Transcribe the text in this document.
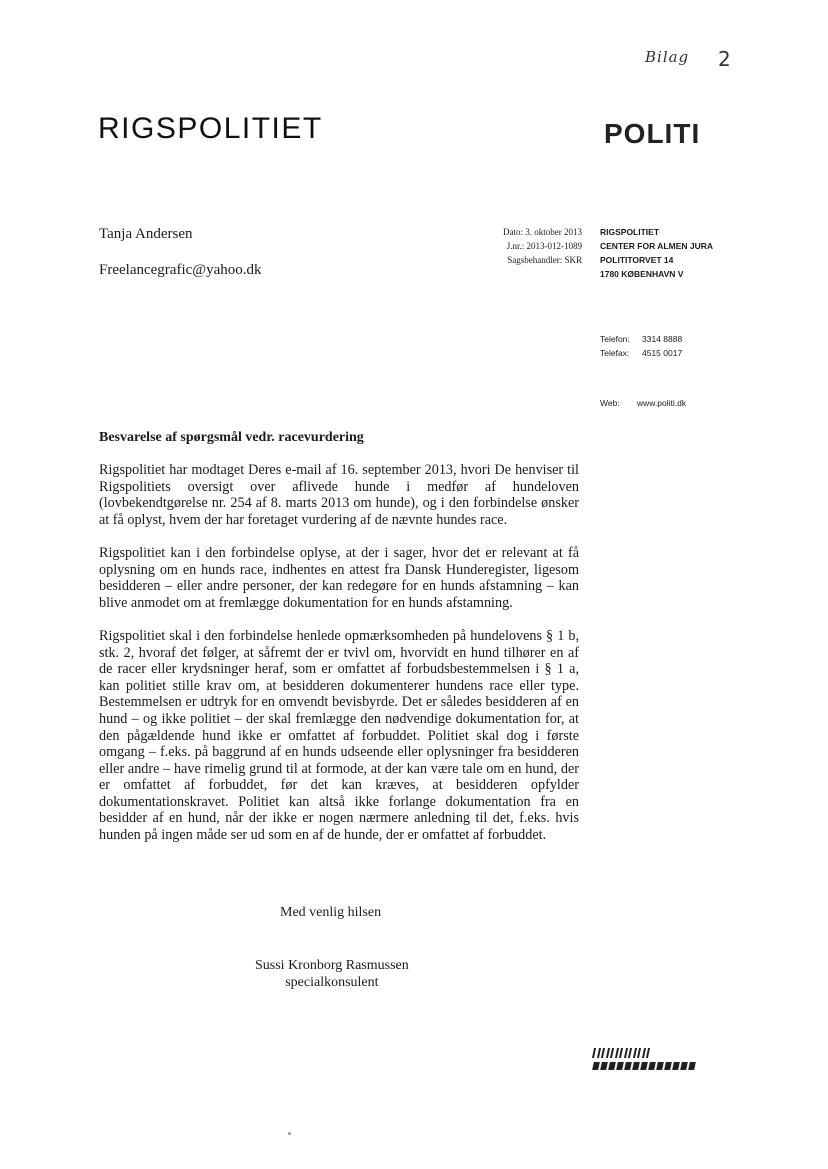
Bilag 2
RIGSPOLITIET	POLITI
Tanja Andersen
Freelancegrafic@yahoo.dk
Dato: 3. oktober 2013
J.nr.: 2013-012-1089
Sagsbehandler: SKR
RIGSPOLITIET
CENTER FOR ALMEN JURA
POLITITORVET 14
1780 KØBENHAVN V
Telefon: 3314 8888
Telefax: 4515 0017
Web: www.politi.dk
Besvarelse af spørgsmål vedr. racevurdering

Rigspolitiet har modtaget Deres e-mail af 16. september 2013, hvori De henviser til Rigspolitiets oversigt over aflivede hunde i medfør af hundeloven (lovbekendtgørelse nr. 254 af 8. marts 2013 om hunde), og i den forbindelse ønsker at få oplyst, hvem der har foretaget vurdering af de nævnte hundes race.

Rigspolitiet kan i den forbindelse oplyse, at der i sager, hvor det er relevant at få oplysning om en hunds race, indhentes en attest fra Dansk Hunderegister, ligesom besidderen – eller andre personer, der kan redegøre for en hunds afstamning – kan blive anmodet om at fremlægge dokumentation for en hunds afstamning.

Rigspolitiet skal i den forbindelse henlede opmærksomheden på hundelovens § 1 b, stk. 2, hvoraf det følger, at såfremt der er tvivl om, hvorvidt en hund tilhører en af de racer eller krydsninger heraf, som er omfattet af forbudsbestemmelsen i § 1 a, kan politiet stille krav om, at besidderen dokumenterer hundens race eller type. Bestemmelsen er udtryk for en omvendt bevisbyrde. Det er således besidderen af en hund – og ikke politiet – der skal fremlægge den nødvendige dokumentation for, at den pågældende hund ikke er omfattet af forbuddet. Politiet skal dog i første omgang – f.eks. på baggrund af en hunds udseende eller oplysninger fra besidderen eller andre – have rimelig grund til at formode, at der kan være tale om en hund, der er omfattet af forbuddet, før det kan kræves, at besidderen opfylder dokumentationskravet. Politiet kan altså ikke forlange dokumentation fra en besidder af en hund, når der ikke er nogen nærmere anledning til det, f.eks. hvis hunden på ingen måde ser ud som en af de hunde, der er omfattet af forbuddet.

Med venlig hilsen
Sussi Kronborg Rasmussen
specialkonsulent
